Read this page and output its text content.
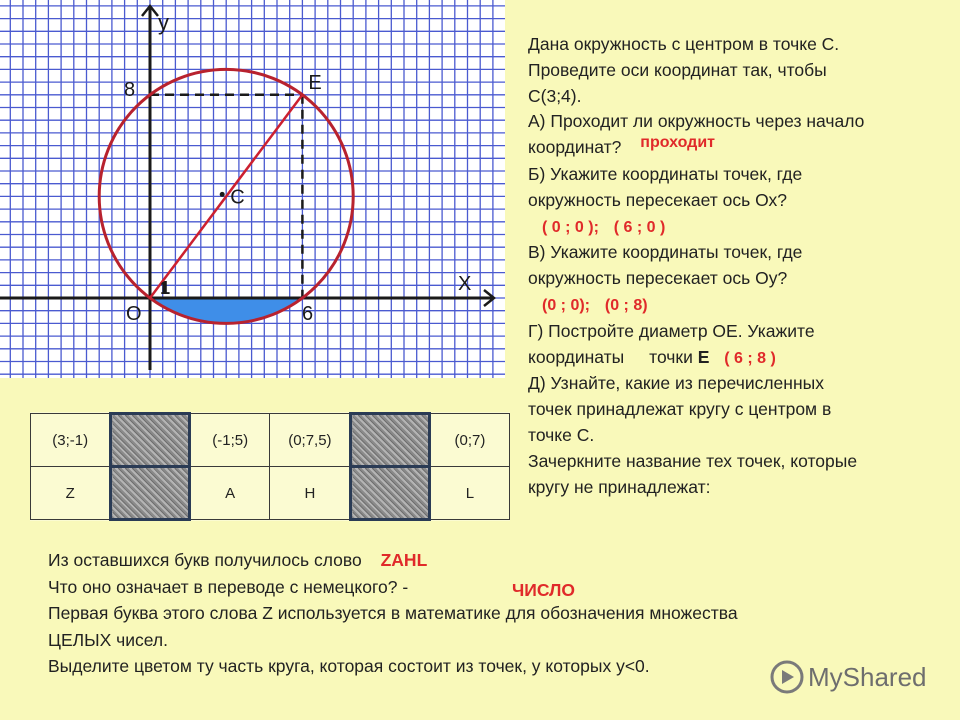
y
X
O
8
6
1
C
E

Дана окружность с центром в точке С.

Проведите оси координат так, чтобы

С(3;4).

А) Проходит ли окружность через начало

координат? проходит

Б) Укажите координаты точек, где

окружность пересекает ось Ох?

( 0 ; 0 ); ( 6 ; 0 )

В) Укажите координаты точек, где

окружность пересекает ось Оу?

(0 ; 0); (0 ; 8)

Г) Постройте диаметр ОЕ. Укажите

координаты точки E ( 6 ; 8 )

Д) Узнайте, какие из перечисленных

точек принадлежат кругу с центром в

точке С.

Зачеркните название тех точек, которые

кругу не принадлежат:

(3;-1)		(-1;5)	(0;7,5)		(0;7)
Z		A	H		L

Из оставшихся букв получилось слово ZAHL

Что оно означает в переводе с немецкого? -	ЧИСЛО

Первая буква этого слова Z используется в математике для обозначения множества

ЦЕЛЫХ чисел.

Выделите цветом ту часть круга, которая состоит из точек, у которых y<0.	MyShared
